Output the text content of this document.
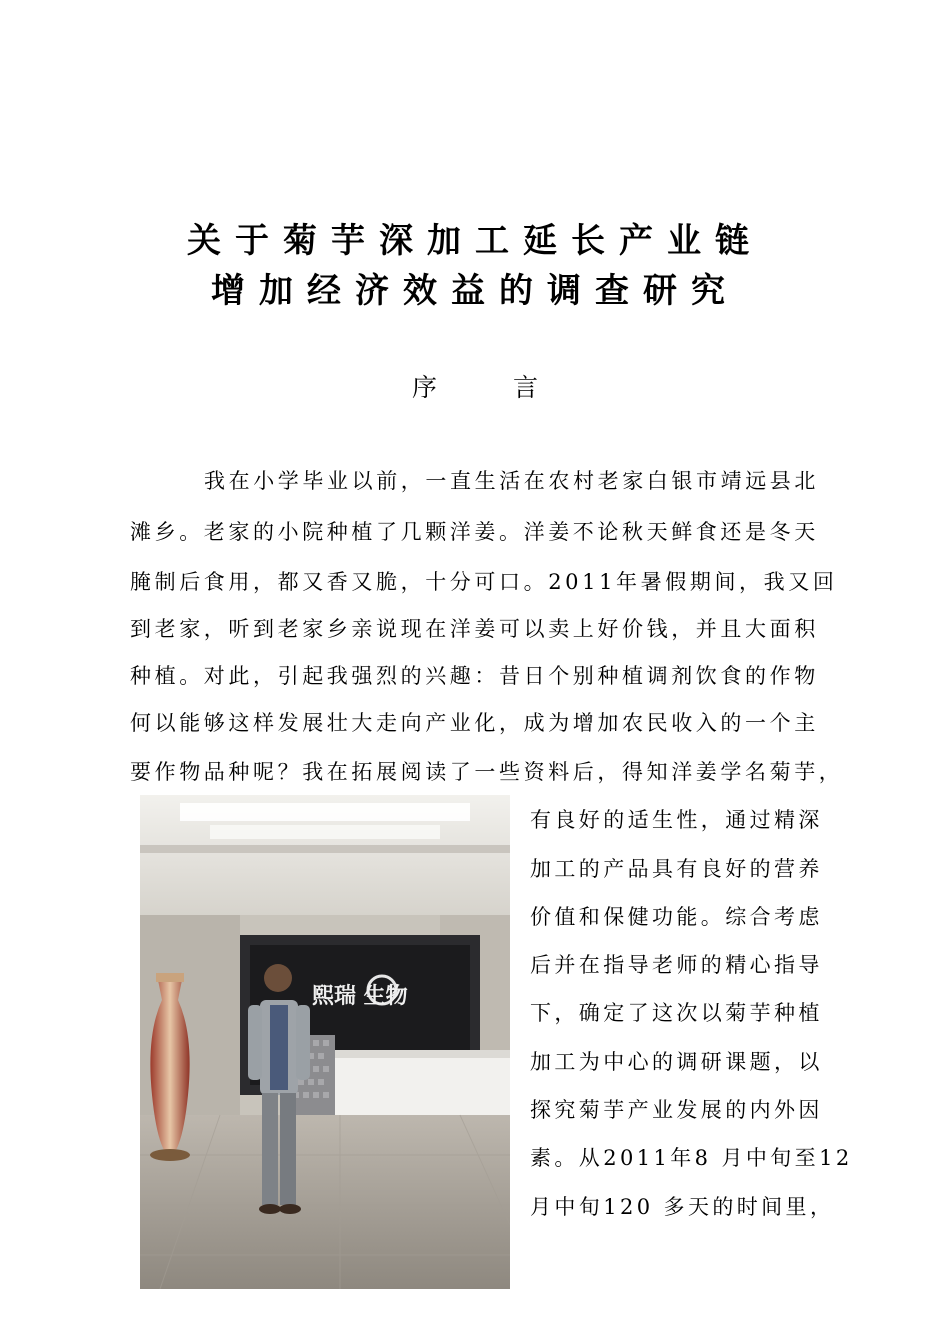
关于菊芋深加工延长产业链
增加经济效益的调查研究
序	言
我在小学毕业以前，一直生活在农村老家白银市靖远县北
滩乡。老家的小院种植了几颗洋姜。洋姜不论秋天鲜食还是冬天
腌制后食用，都又香又脆，十分可口。2011年暑假期间，我又回
到老家，听到老家乡亲说现在洋姜可以卖上好价钱，并且大面积
种植。对此，引起我强烈的兴趣：昔日个别种植调剂饮食的作物
何以能够这样发展壮大走向产业化，成为增加农民收入的一个主
要作物品种呢？我在拓展阅读了一些资料后，得知洋姜学名菊芋，
有良好的适生性，通过精深
加工的产品具有良好的营养
价值和保健功能。综合考虑
后并在指导老师的精心指导
下，确定了这次以菊芋种植
加工为中心的调研课题，以
探究菊芋产业发展的内外因
素。从2011年8 月中旬至12
月中旬120 多天的时间里，
熙瑞 生物
